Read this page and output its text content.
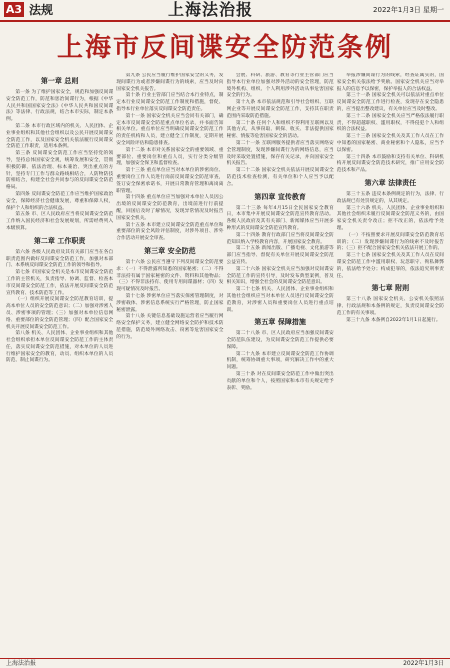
A3 法规	上海法治报	2022年1月3日 星期一
上海市反间谍安全防范条例

第一章 总则

第一条 为了维护国家安全，规范和加强反间谍安全防范工作，防范和惩治间谍行为，根据《中华人民共和国国家安全法》《中华人民共和国反间谍法》等法律、行政法规，结合本市实际，制定本条例。

第二条 本市行政区域内的机关、人民团体、企业事业组织和其他社会组织以及公民开展反间谍安全防范工作，以及国家安全机关依法履行反间谍安全防范工作职责，适用本条例。

第三条 反间谍安全防范工作应当坚持党的领导，坚持总体国家安全观，统筹发展和安全，贯彻积极防御、依法治理、标本兼治、突出重点的方针，坚持专门工作与群众路线相结合，人防物防技防相结合，构建全社会共同参与的反间谍安全防范格局。

第四条 反间谍安全防范工作应当维护国家政治安全，保障经济社会健康发展，尊重和保障人权，保护个人和组织的合法权益。

第五条 市、区人民政府应当将反间谍安全防范工作纳入国民经济和社会发展规划，所需经费列入本级预算。

第二章 工作职责

第六条 各级人民政府及其有关部门应当在各自职责范围内做好反间谍安全防范工作，加强对本部门、本系统反间谍安全防范工作的领导和指导。

第七条 市国家安全机关是本市反间谍安全防范工作的主管机关，负责指导、协调、监督、检查本市反间谍安全防范工作，依法开展反间谍安全防范宣传教育、技术防范等工作。

（一）组织开展反间谍安全防范教育培训，提高本单位人员的安全防范意识；（二）加强对涉密人员、涉密事项的管理；（三）加强对本单位信息网络、重要部位的安全防范管理；（四）配合国家安全机关开展反间谍安全防范工作。

第八条 机关、人民团体、企业事业组织和其他社会组织承担本单位反间谍安全防范工作的主体责任，落实反间谍安全防范措施，对本单位的人员进行维护国家安全的教育，动员、组织本单位的人员防范、制止间谍行为。

第九条 公民应当履行维护国家安全的义务，发现间谍行为或者涉嫌间谍行为的线索，应当及时向国家安全机关报告。

第十条 行业主管部门应当结合本行业特点，制定本行业反间谍安全防范工作制度和措施，督促、指导本行业单位落实反间谍安全防范责任。

第十一条 国家安全机关应当会同有关部门，确定本市反间谍安全防范重点单位名录，并书面告知相关单位。重点单位应当明确反间谍安全防范工作的责任机构和人员，建立健全工作制度，定期开展安全风险评估和隐患排查。

第十二条 本市对关系国家安全的重要领域、重要部位、重要岗位和重点人员，实行分类分级管理，加强安全保卫和监督检查。

第十三条 重点单位应当对本单位的涉密岗位、重要岗位工作人员进行岗前反间谍安全防范审查，签订安全保密承诺书，开展日常教育管理和离岗离职管理。

第十四条 重点单位应当加强对本单位人员因公出境的反间谍安全防范教育，出境前进行行前提醒，回国后及时了解情况，发现异常情况及时报告国家安全机关。

第十五条 本市建立反间谍安全防范重点单位和重要部位的安全风险评估制度，对涉外项目、涉外合作活动开展安全审查。

第三章 安全防范

第十六条 公民应当遵守下列反间谍安全防范要求：（一）不得泄露所知悉的国家秘密；（二）不得非法持有属于国家秘密的文件、资料和其他物品；（三）不得非法持有、使用专用间谍器材；（四）发现可疑情况及时报告。

第十七条 涉密单位应当落实保密管理制度，对涉密载体、涉密信息系统实行严格管理，防止国家秘密泄露。

第十八条 关键信息基础设施运营者应当履行网络安全保护义务，建立健全网络安全防护和技术防范措施，防范境外网络攻击、窃密等危害国家安全的行为。

会展、科研、旅游、教育等行业主管部门应当指导本行业单位加强对涉外活动的安全管理，防范境外机构、组织、个人利用涉外活动从事危害国家安全的行为。

第十九条 本市依法规范和引导社会组织、互联网企业等开展反间谍安全防范工作，支持其在职责范围内采取防范措施。

第二十条 任何个人和组织不得利用互联网以及其他方式，从事窃取、刺探、收买、非法提供国家秘密、情报等危害国家安全的活动。

第二十一条 互联网服务提供者应当落实网络安全管理制度，发现涉嫌间谍行为的网络信息，应当及时采取处置措施，保存有关记录，并向国家安全机关报告。

第二十二条 国家安全机关依法开展反间谍安全防范技术检查检测，有关单位和个人应当予以配合。

第四章 宣传教育

第二十三条 每年4月15日全民国家安全教育日，本市集中开展反间谍安全防范宣传教育活动。各级人民政府及其有关部门、新闻媒体应当开展多种形式的反间谍安全防范宣传教育。

第二十四条 教育行政部门应当将反间谍安全防范知识纳入学校教育内容，开展国家安全教育。

第二十五条 新闻出版、广播电视、文化旅游等部门应当指导、督促有关单位开展反间谍安全防范公益宣传。

第二十六条 国家安全机关应当加强对反间谍安全防范工作的宣传引导，及时发布典型案例，普及相关知识，增强全社会的反间谍安全防范意识。

第二十七条 机关、人民团体、企业事业组织和其他社会组织应当对本单位人员进行反间谍安全防范教育，对涉密人员和重要岗位人员进行重点培训。

第五章 保障措施

第二十八条 市、区人民政府应当加强反间谍安全防范队伍建设，为反间谍安全防范工作提供必要保障。

第二十九条 本市建立反间谍安全防范工作协调机制，统筹协调重大事项，研究解决工作中的重大问题。

第三十条 对在反间谍安全防范工作中做出突出贡献的单位和个人，按照国家和本市有关规定给予表彰、奖励。

举报涉嫌间谍行为的线索，经查证属实的，国家安全机关依法给予奖励。国家安全机关应当对举报人的信息予以保密，保护举报人的合法权益。

第三十一条 国家安全机关可以依法对重点单位反间谍安全防范工作进行检查，发现存在安全隐患的，应当提出整改建议，有关单位应当及时整改。

第三十二条 国家安全机关应当严格依法履行职责，不得超越职权、滥用职权，不得侵犯个人和组织的合法权益。

第三十三条 国家安全机关及其工作人员在工作中知悉的国家秘密、商业秘密和个人隐私，应当予以保密。

第三十四条 本市鼓励和支持有关单位、科研机构开展反间谍安全防范技术研究，推广应用安全防范技术和产品。

第六章 法律责任

第三十五条 违反本条例规定的行为，法律、行政法规已有处罚规定的，从其规定。

第三十六条 机关、人民团体、企业事业组织和其他社会组织未履行反间谍安全防范义务的，由国家安全机关责令改正；拒不改正的，依法给予处理。

（一）不按照要求开展反间谍安全防范教育培训的；（二）发现涉嫌间谍行为的线索不及时报告的；（三）拒不配合国家安全机关依法开展工作的。

第三十七条 国家安全机关及其工作人员在反间谍安全防范工作中滥用职权、玩忽职守、徇私舞弊的，依法给予处分；构成犯罪的，依法追究刑事责任。

第七章 附则

第三十八条 国家安全机关、公安机关依照法律、行政法规和本条例的规定，负责反间谍安全防范工作的有关事项。

第三十九条 本条例自2022年1月1日起施行。

上海法治报	2022年1月3日
